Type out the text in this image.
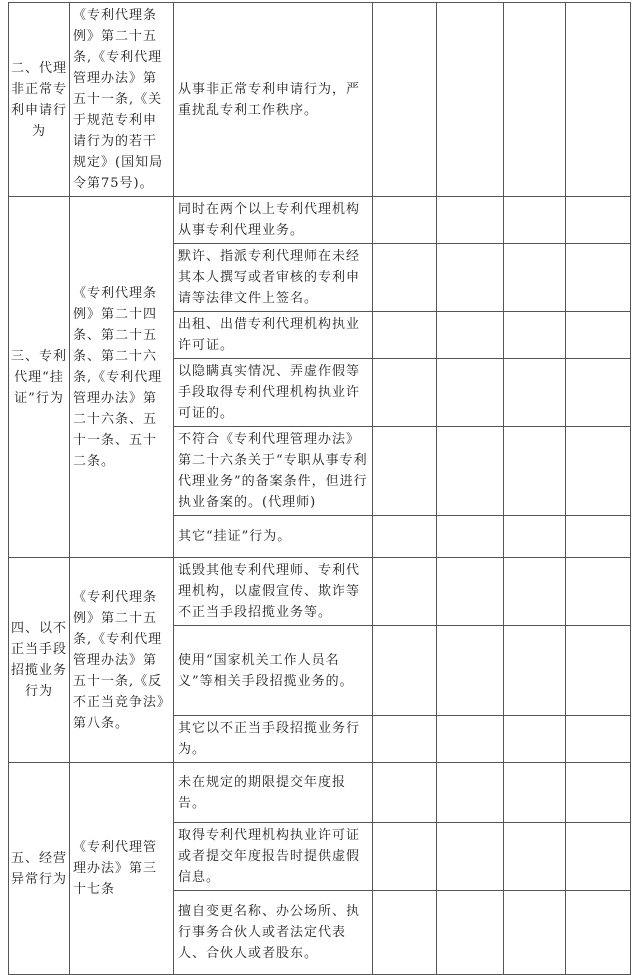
二、代理非正常专利申请行为	《专利代理条例》第二十五条,《专利代理管理办法》第五十一条,《关于规范专利申请行为的若干规定》(国知局令第75号)。	从事非正常专利申请行为，严重扰乱专利工作秩序。				
三、专利代理“挂证”行为	《专利代理条例》第二十四条、第二十五条、第二十六条,《专利代理管理办法》第二十六条、五十一条、五十二条。	同时在两个以上专利代理机构从事专利代理业务。				
		默许、指派专利代理师在未经其本人撰写或者审核的专利申请等法律文件上签名。				
		出租、出借专利代理机构执业许可证。				
		以隐瞒真实情况、弄虚作假等手段取得专利代理机构执业许可证的。				
		不符合《专利代理管理办法》第二十六条关于“专职从事专利代理业务”的备案条件，但进行执业备案的。(代理师)				
		其它“挂证”行为。				
四、以不正当手段招揽业务行为	《专利代理条例》第二十五条,《专利代理管理办法》第五十一条,《反不正当竞争法》第八条。	诋毁其他专利代理师、专利代理机构，以虚假宣传、欺诈等不正当手段招揽业务等。				
		使用“国家机关工作人员名义”等相关手段招揽业务的。				
		其它以不正当手段招揽业务行为。				
五、经营异常行为	《专利代理管理办法》第三十七条	未在规定的期限提交年度报告。				
		取得专利代理机构执业许可证或者提交年度报告时提供虚假信息。				
		擅自变更名称、办公场所、执行事务合伙人或者法定代表人、合伙人或者股东。				
